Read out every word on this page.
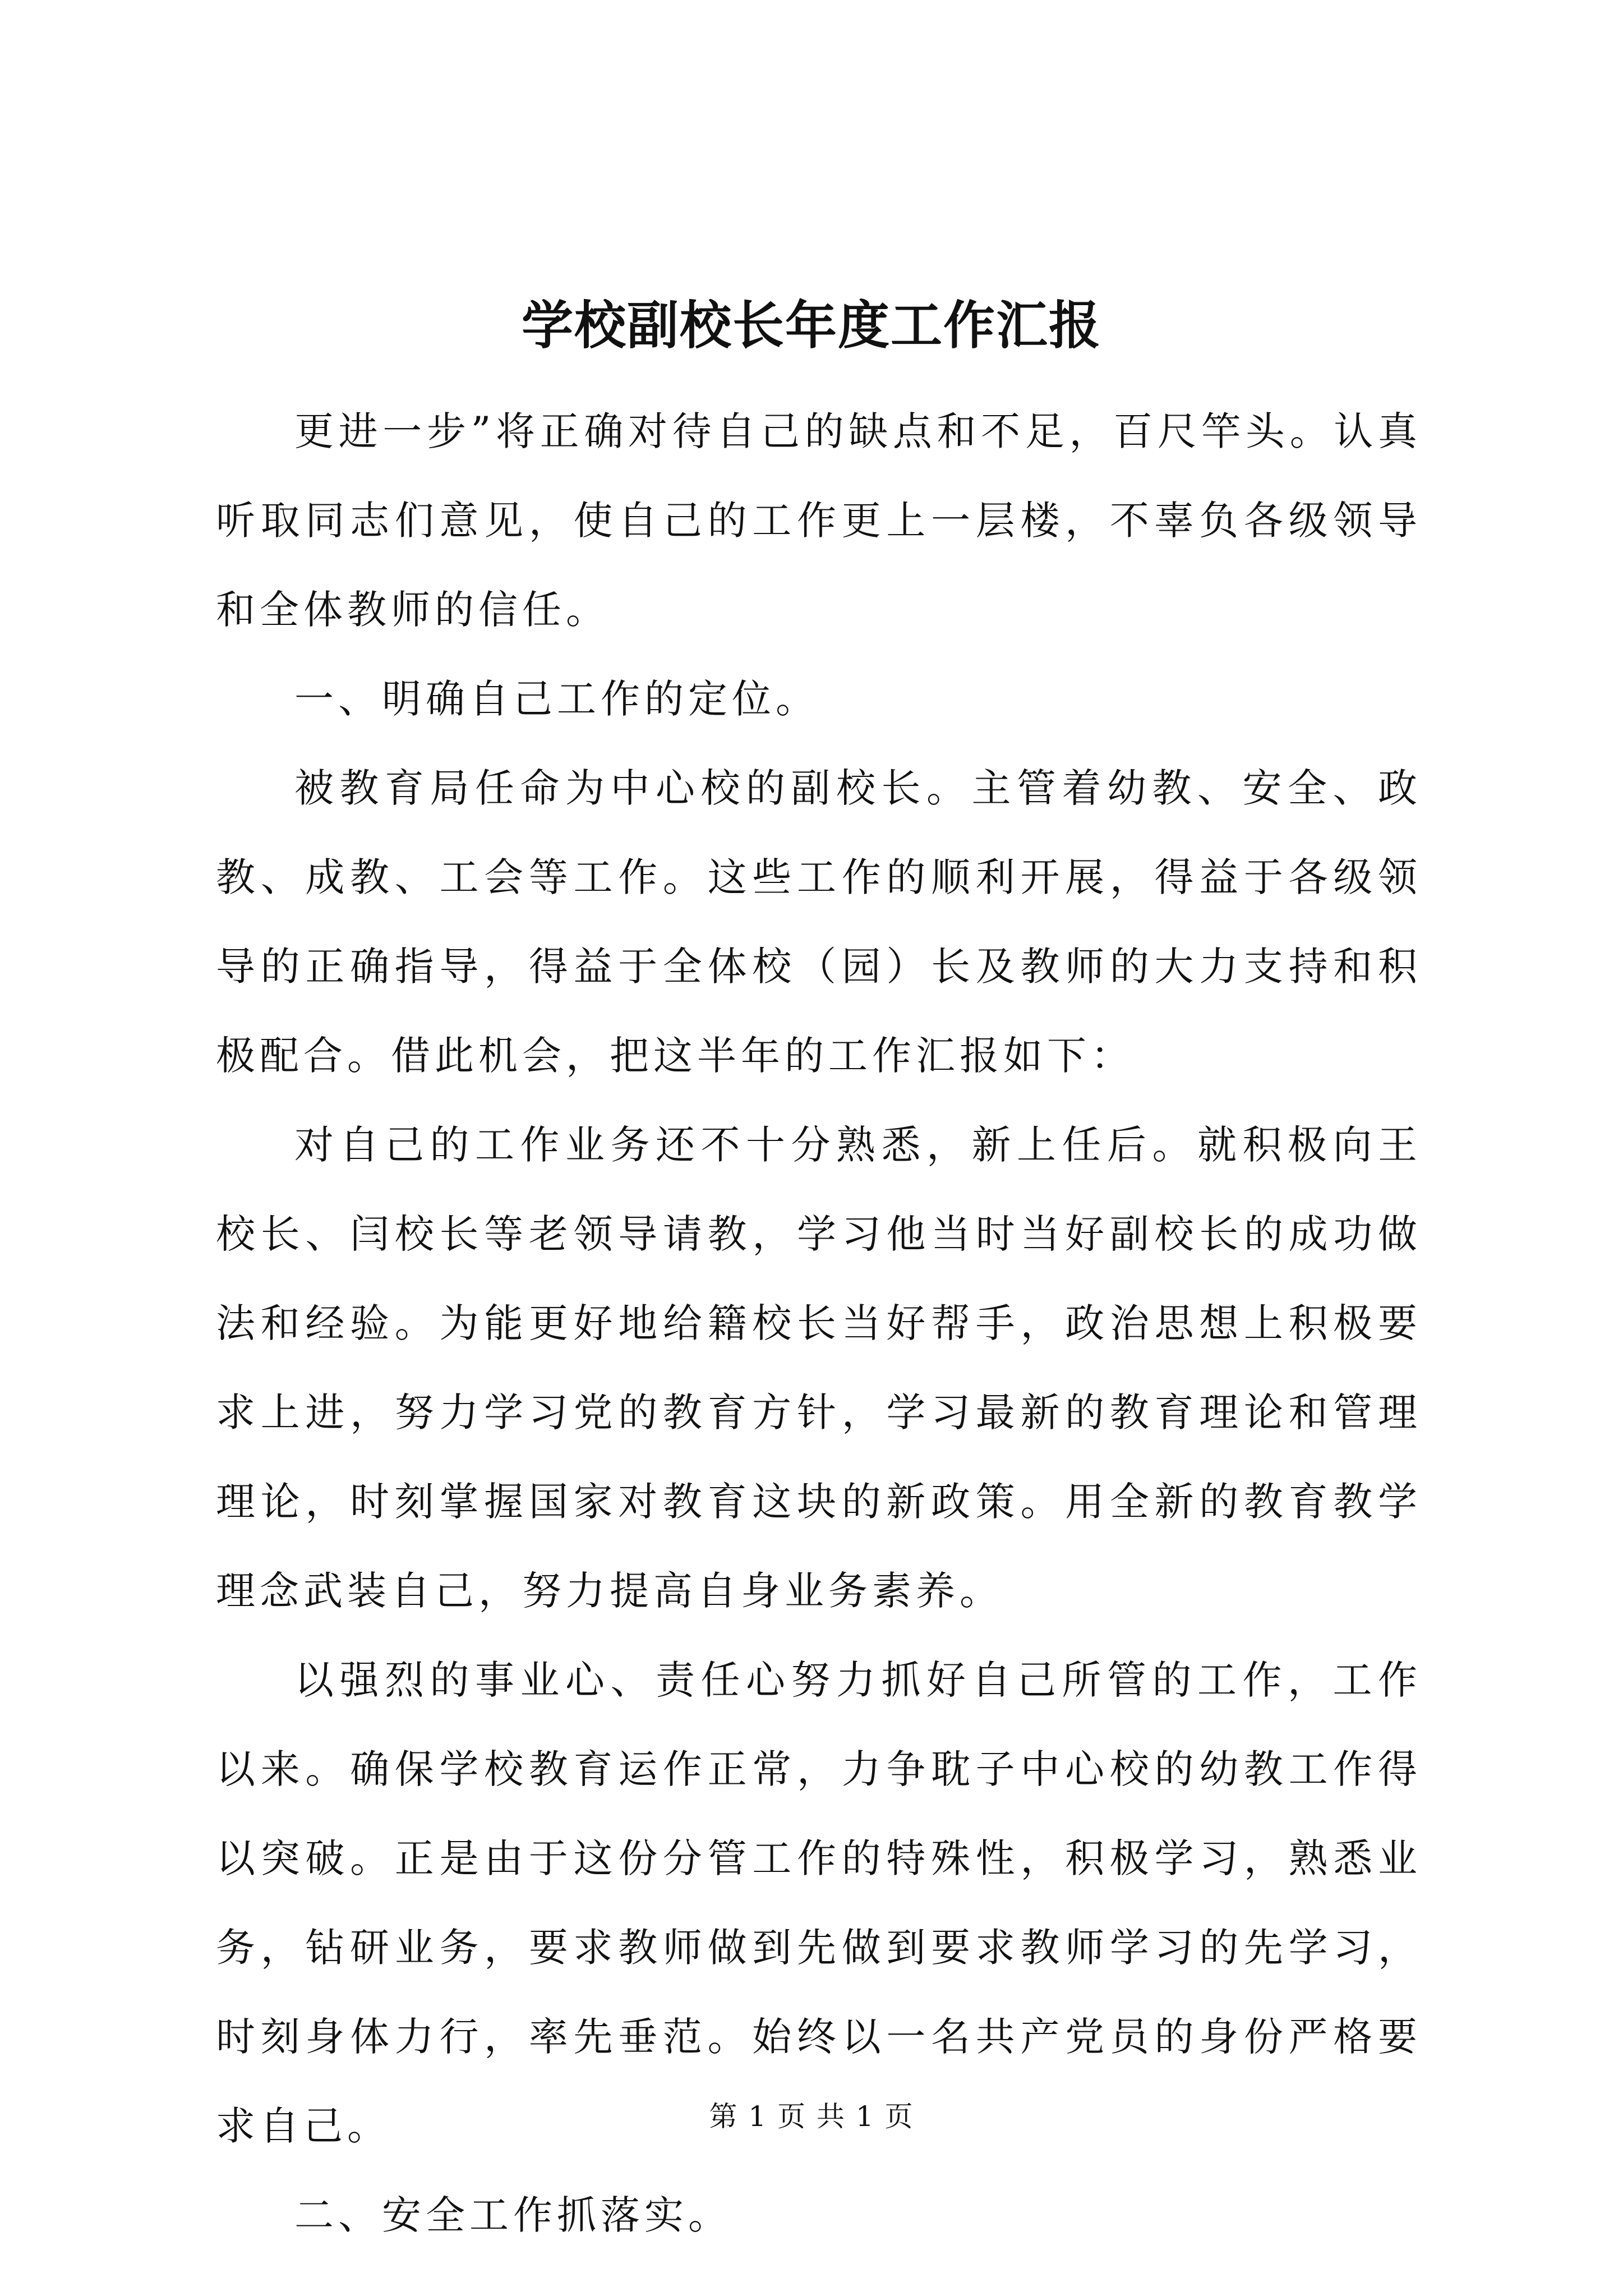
学校副校长年度工作汇报

更进一步”将正确对待自己的缺点和不足，百尺竿头。认真听取同志们意见，使自己的工作更上一层楼，不辜负各级领导和全体教师的信任。

一、明确自己工作的定位。

被教育局任命为中心校的副校长。主管着幼教、安全、政教、成教、工会等工作。这些工作的顺利开展，得益于各级领导的正确指导，得益于全体校（园）长及教师的大力支持和积极配合。借此机会，把这半年的工作汇报如下：

对自己的工作业务还不十分熟悉，新上任后。就积极向王校长、闫校长等老领导请教，学习他当时当好副校长的成功做法和经验。为能更好地给籍校长当好帮手，政治思想上积极要求上进，努力学习党的教育方针，学习最新的教育理论和管理理论，时刻掌握国家对教育这块的新政策。用全新的教育教学理念武装自己，努力提高自身业务素养。

以强烈的事业心、责任心努力抓好自己所管的工作，工作以来。确保学校教育运作正常，力争耽子中心校的幼教工作得以突破。正是由于这份分管工作的特殊性，积极学习，熟悉业务，钻研业务，要求教师做到先做到要求教师学习的先学习，时刻身体力行，率先垂范。始终以一名共产党员的身份严格要求自己。

二、安全工作抓落实。

第 1 页 共 1 页
